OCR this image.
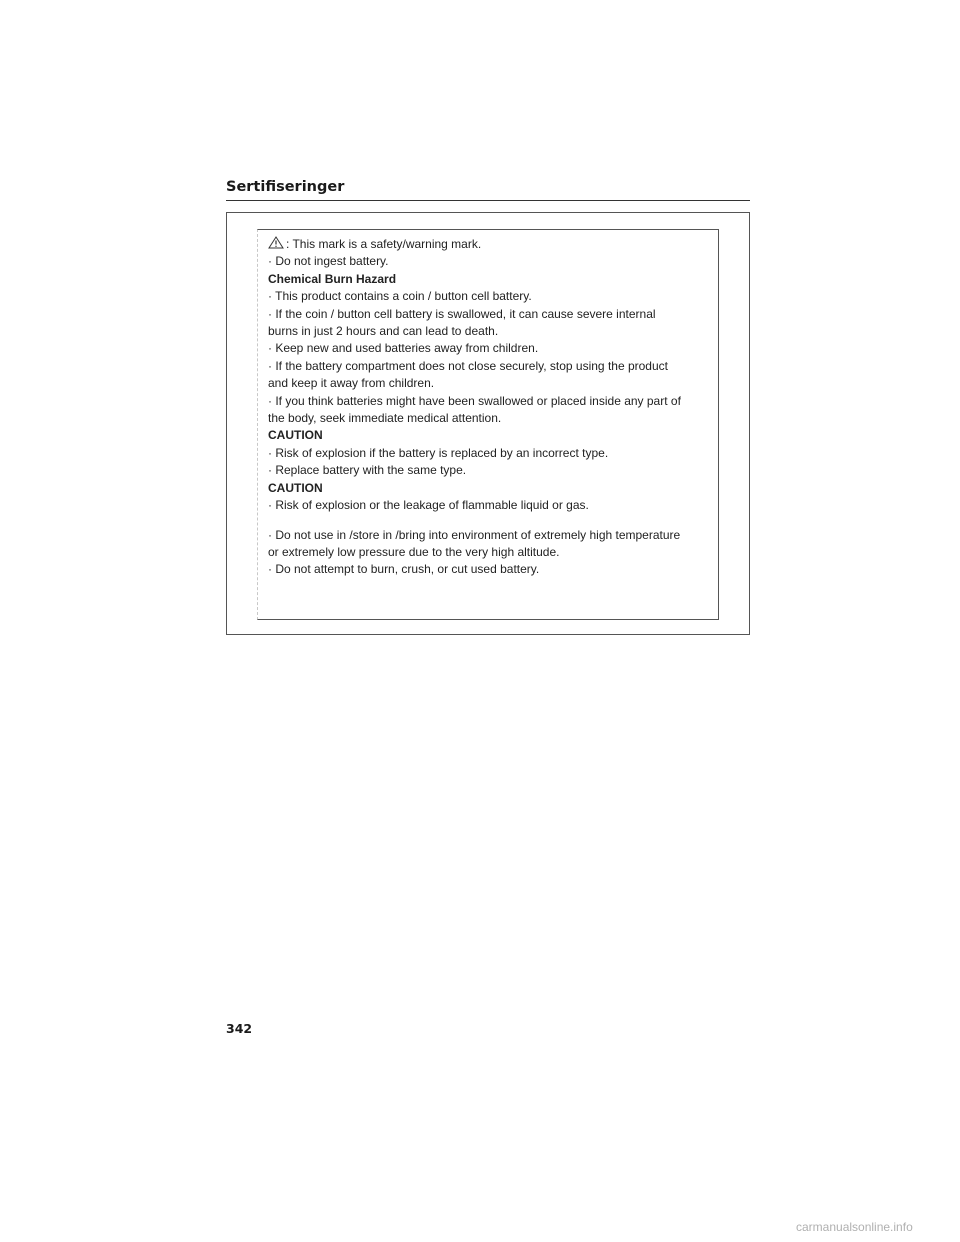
Sertifiseringer
: This mark is a safety/warning mark.
· Do not ingest battery.
Chemical Burn Hazard
· This product contains a coin / button cell battery.
· If the coin / button cell battery is swallowed, it can cause severe internal
burns in just 2 hours and can lead to death.
· Keep new and used batteries away from children.
· If the battery compartment does not close securely, stop using the product
and keep it away from children.
· If you think batteries might have been swallowed or placed inside any part of
the body, seek immediate medical attention.
CAUTION
· Risk of explosion if the battery is replaced by an incorrect type.
· Replace battery with the same type.
CAUTION
· Risk of explosion or the leakage of flammable liquid or gas.
· Do not use in /store in /bring into environment of extremely high temperature
or extremely low pressure due to the very high altitude.
· Do not attempt to burn, crush, or cut used battery.
342
carmanualsonline.info
